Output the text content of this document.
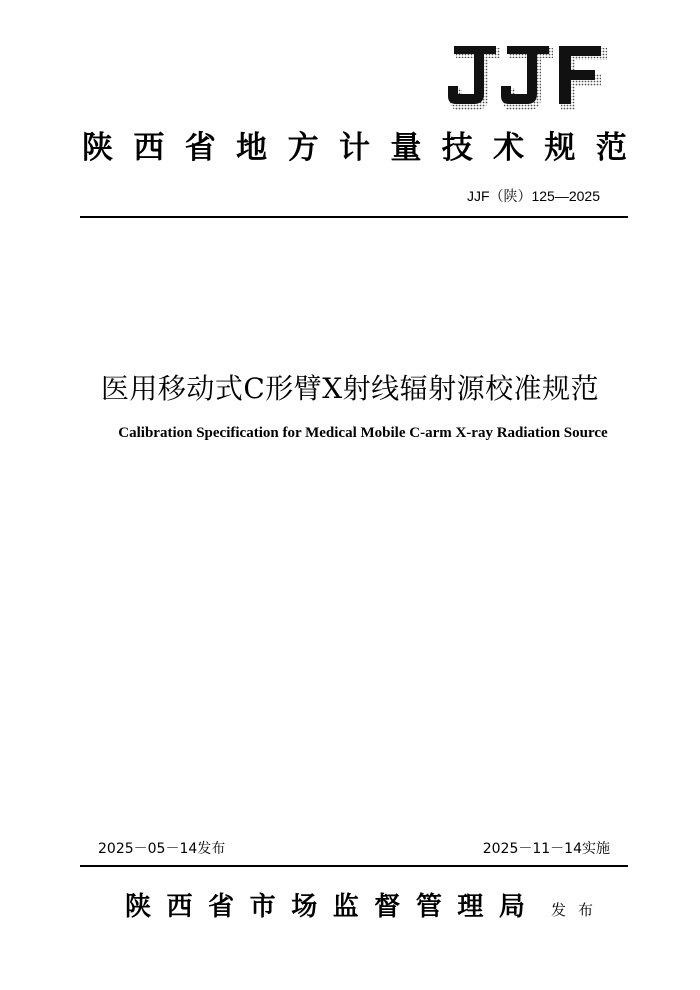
陕 西 省 地 方 计 量 技 术 规 范
JJF（陕）125—2025
医用移动式C形臂X射线辐射源校准规范
Calibration Specification for Medical Mobile C-arm X-ray Radiation Source
2025－05－14发布	2025－11－14实施
陕 西 省 市 场 监 督 管 理 局 发 布
